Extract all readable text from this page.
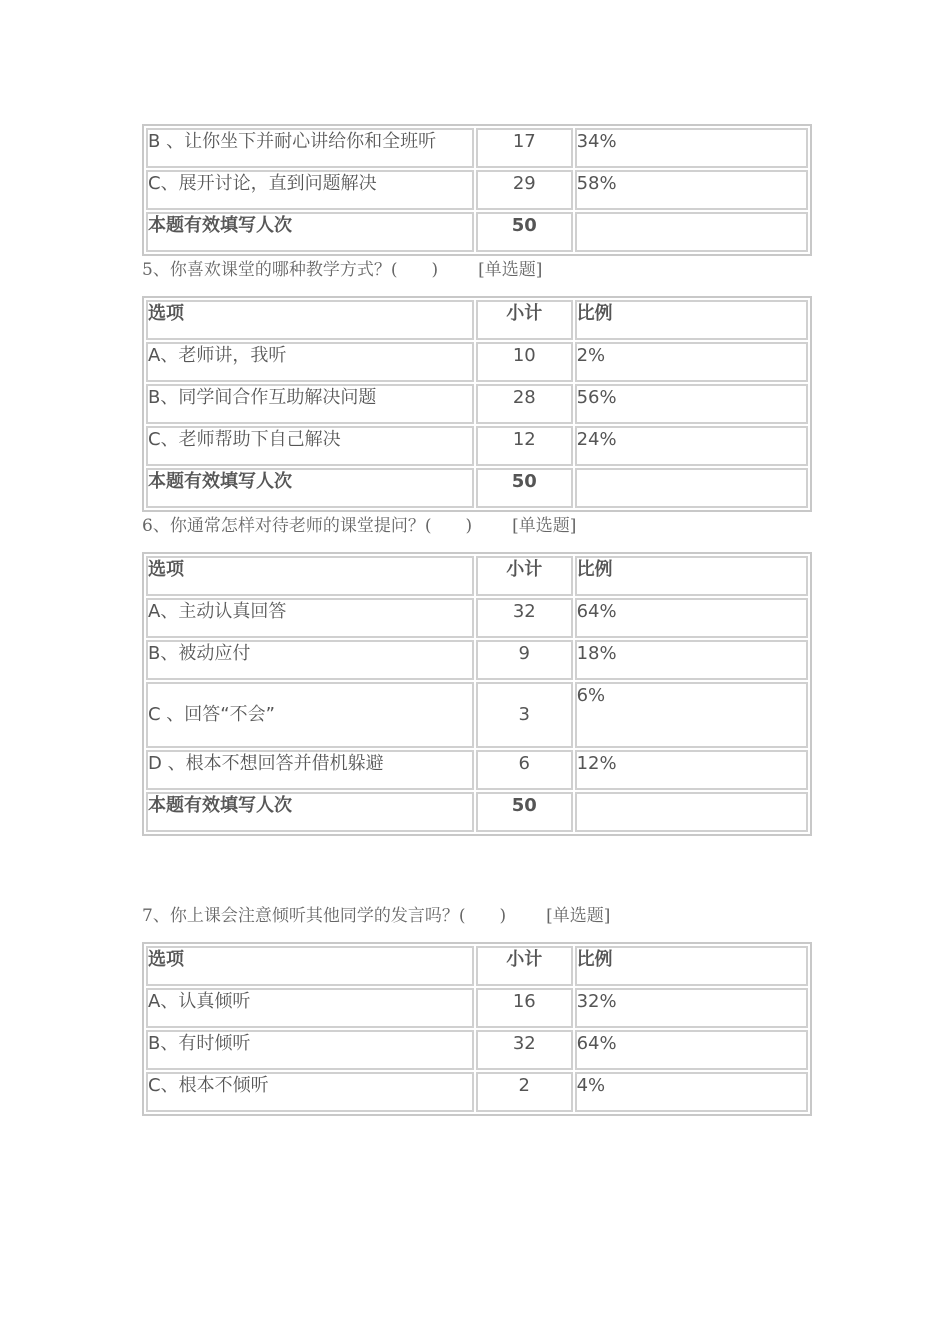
B 、让你坐下并耐心讲给你和全班听	17	34%
C、展开讨论，直到问题解决	29	58%
本题有效填写人次	50	
5、你喜欢课堂的哪种教学方式？(　　) [单选题]
选项	小计	比例
A、老师讲，我听	10	2%
B、同学间合作互助解决问题	28	56%
C、老师帮助下自己解决	12	24%
本题有效填写人次	50	
6、你通常怎样对待老师的课堂提问？(　　) [单选题]
选项	小计	比例
A、主动认真回答	32	64%
B、被动应付	9	18%
C 、回答“不会”	3	6%
D 、根本不想回答并借机躲避	6	12%
本题有效填写人次	50	
7、你上课会注意倾听其他同学的发言吗？(　　) [单选题]
选项	小计	比例
A、认真倾听	16	32%
B、有时倾听	32	64%
C、根本不倾听	2	4%
